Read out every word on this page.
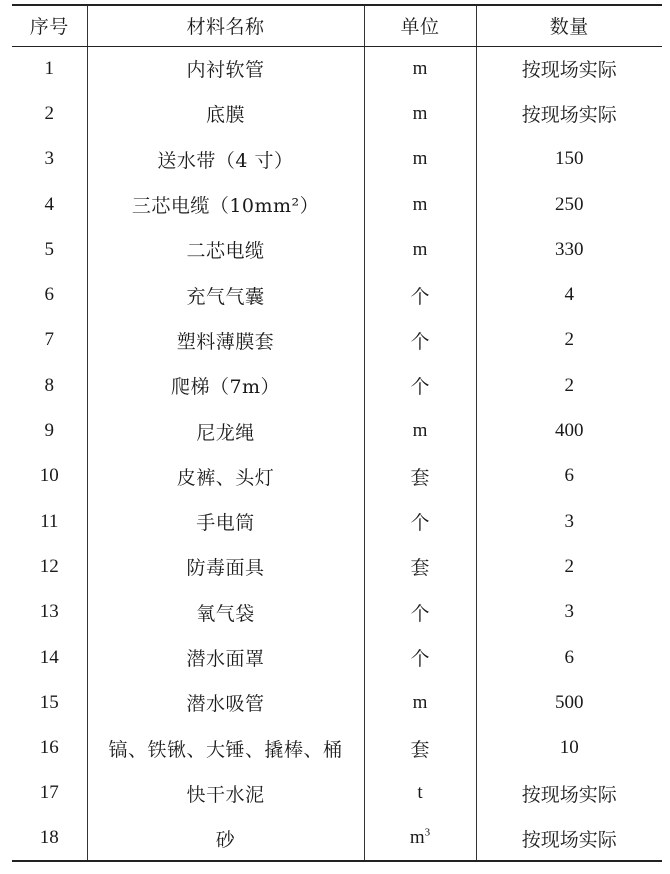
序号	材料名称	单位	数量
1	内衬软管	m	按现场实际
2	底膜	m	按现场实际
3	送水带（4 寸）	m	150
4	三芯电缆（10mm²）	m	250
5	二芯电缆	m	330
6	充气气囊	个	4
7	塑料薄膜套	个	2
8	爬梯（7m）	个	2
9	尼龙绳	m	400
10	皮裤、头灯	套	6
11	手电筒	个	3
12	防毒面具	套	2
13	氧气袋	个	3
14	潜水面罩	个	6
15	潜水吸管	m	500
16	镐、铁锹、大锤、撬棒、桶	套	10
17	快干水泥	t	按现场实际
18	砂	$m^3$	按现场实际
